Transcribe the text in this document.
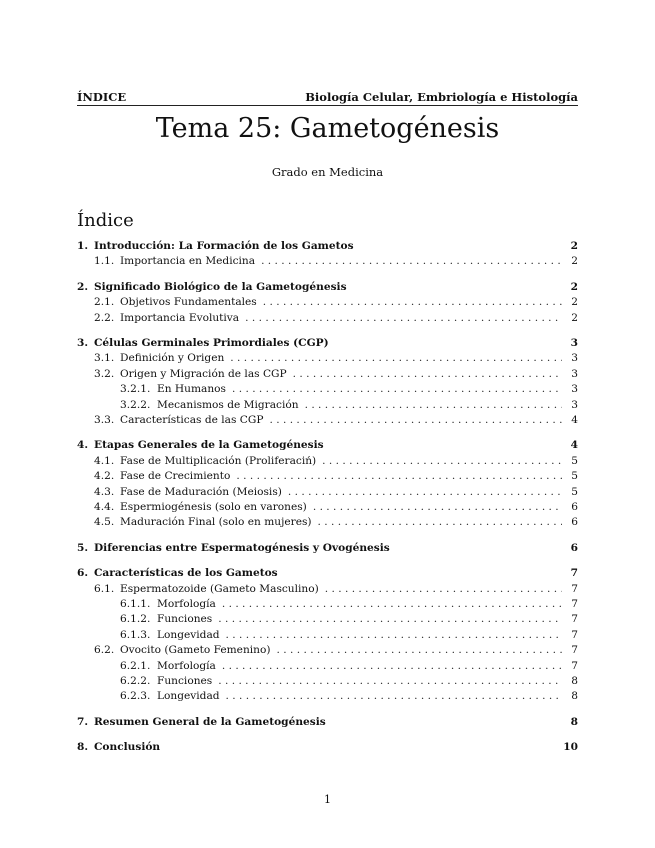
ÍNDICE	Biología Celular, Embriología e Histología
Tema 25: Gametogénesis
Grado en Medicina
Índice
1. Introducción: La Formación de los Gametos	2
1.1. Importancia en Medicina . . .	2
2. Significado Biológico de la Gametogénesis	2
2.1. Objetivos Fundamentales . . .	2
2.2. Importancia Evolutiva . . .	2
3. Células Germinales Primordiales (CGP)	3
3.1. Definición y Origen . . .	3
3.2. Origen y Migración de las CGP . . .	3
3.2.1. En Humanos . . .	3
3.2.2. Mecanismos de Migración . . .	3
3.3. Características de las CGP . . .	4
4. Etapas Generales de la Gametogénesis	4
4.1. Fase de Multiplicación (Proliferaciń) . . .	5
4.2. Fase de Crecimiento . . .	5
4.3. Fase de Maduración (Meiosis) . . .	5
4.4. Espermiogénesis (solo en varones) . . .	6
4.5. Maduración Final (solo en mujeres) . . .	6
5. Diferencias entre Espermatogénesis y Ovogénesis	6
6. Características de los Gametos	7
6.1. Espermatozoide (Gameto Masculino) . . .	7
6.1.1. Morfología . . .	7
6.1.2. Funciones . . .	7
6.1.3. Longevidad . . .	7
6.2. Ovocito (Gameto Femenino) . . .	7
6.2.1. Morfología . . .	7
6.2.2. Funciones . . .	8
6.2.3. Longevidad . . .	8
7. Resumen General de la Gametogénesis	8
8. Conclusión	10
1
